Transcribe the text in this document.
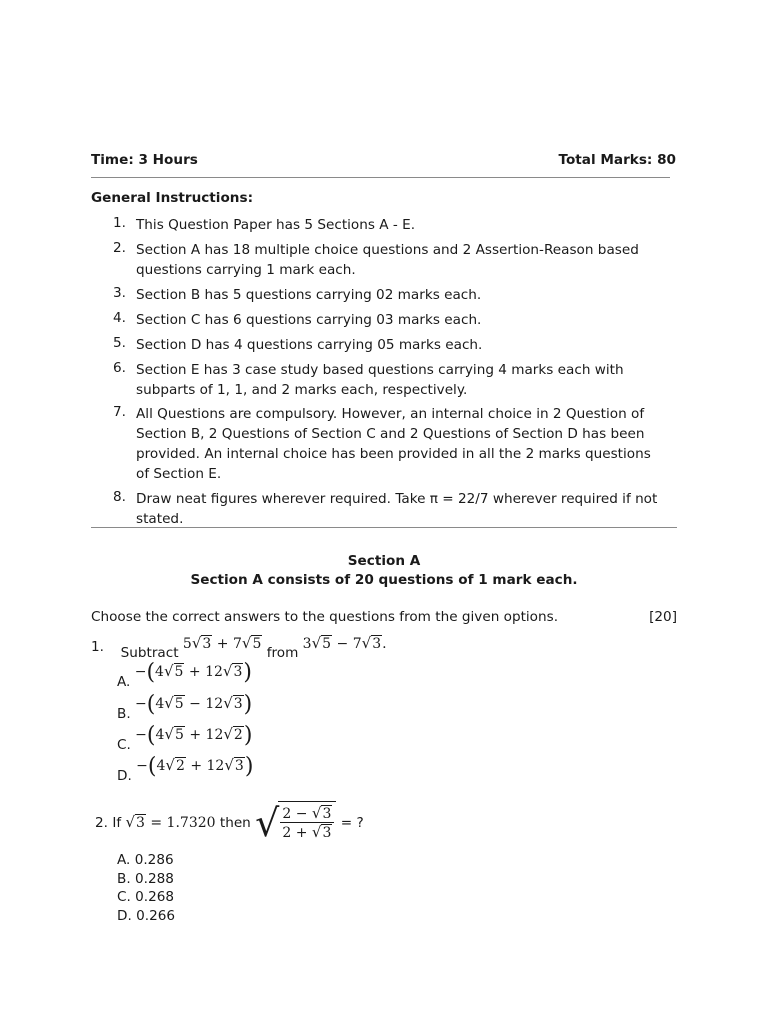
Time: 3 Hours	Total Marks: 80
General Instructions:
1. This Question Paper has 5 Sections A - E.
2. Section A has 18 multiple choice questions and 2 Assertion-Reason based
questions carrying 1 mark each.
3. Section B has 5 questions carrying 02 marks each.
4. Section C has 6 questions carrying 03 marks each.
5. Section D has 4 questions carrying 05 marks each.
6. Section E has 3 case study based questions carrying 4 marks each with
subparts of 1, 1, and 2 marks each, respectively.
7. All Questions are compulsory. However, an internal choice in 2 Question of
Section B, 2 Questions of Section C and 2 Questions of Section D has been
provided. An internal choice has been provided in all the 2 marks questions
of Section E.
8. Draw neat figures wherever required. Take π = 22/7 wherever required if not
stated.
Section A
Section A consists of 20 questions of 1 mark each.
Choose the correct answers to the questions from the given options.	[20]
1. Subtract 5√3 + 7√5 from 3√5 − 7√3.
A. −(4√5 + 12√3)
B. −(4√5 − 12√3)
C. −(4√5 + 12√2)
D. −(4√2 + 12√3)
2. If √3 = 1.7320 then √ $\frac{2 - √3}{2 + √3}$ = ?
A. 0.286
B. 0.288
C. 0.268
D. 0.266
